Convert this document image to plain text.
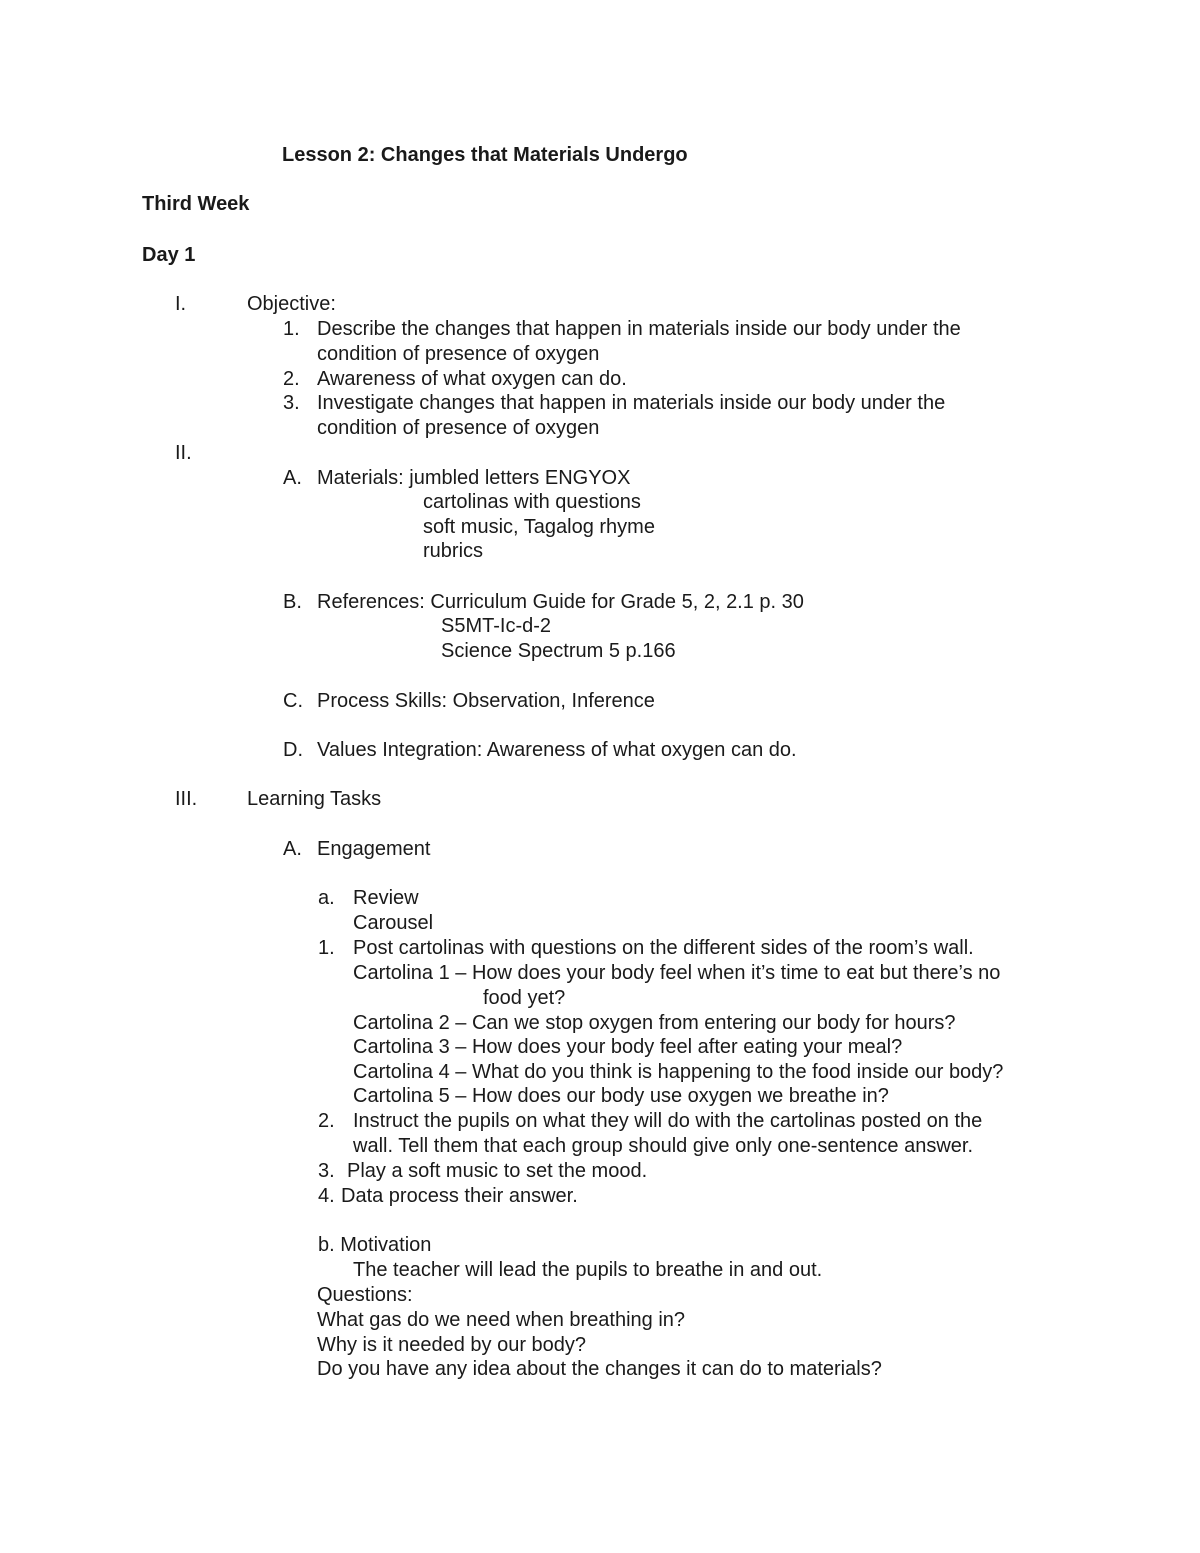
Lesson 2: Changes that Materials Undergo
Third Week
Day 1
I.	Objective:
1. Describe the changes that happen in materials inside our body under the
condition of presence of oxygen
2. Awareness of what oxygen can do.
3. Investigate changes that happen in materials inside our body under the
condition of presence of oxygen
II.
A. Materials: jumbled letters ENGYOX
cartolinas with questions
soft music, Tagalog rhyme
rubrics
B. References: Curriculum Guide for Grade 5, 2, 2.1 p. 30
S5MT-Ic-d-2
Science Spectrum 5 p.166
C. Process Skills: Observation, Inference
D. Values Integration: Awareness of what oxygen can do.
III. Learning Tasks
A. Engagement
a. Review
Carousel
1. Post cartolinas with questions on the different sides of the room’s wall.
Cartolina 1 – How does your body feel when it’s time to eat but there’s no
food yet?
Cartolina 2 – Can we stop oxygen from entering our body for hours?
Cartolina 3 – How does your body feel after eating your meal?
Cartolina 4 – What do you think is happening to the food inside our body?
Cartolina 5 – How does our body use oxygen we breathe in?
2. Instruct the pupils on what they will do with the cartolinas posted on the
wall. Tell them that each group should give only one-sentence answer.
3. Play a soft music to set the mood.
4. Data process their answer.
b. Motivation
The teacher will lead the pupils to breathe in and out.
Questions:
What gas do we need when breathing in?
Why is it needed by our body?
Do you have any idea about the changes it can do to materials?
